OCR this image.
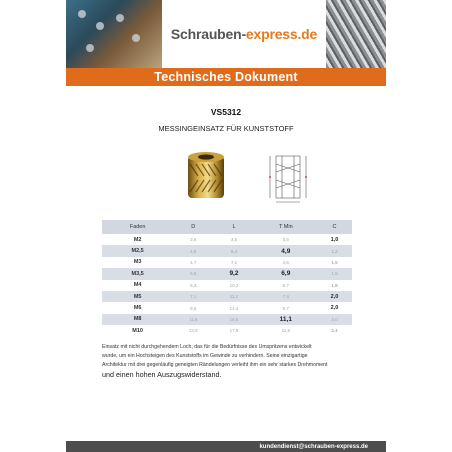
Schrauben-express.de
Technisches Dokument
VS5312
MESSINGEINSATZ FÜR KUNSTSTOFF
Faden	D	L	T Min	C
M2	3,6	3,5	3,5	1,0
M2,5	4,5	6,4	4,9	1,2
M3	4,7	7,1	4,6	1,5
M3,5	5,5	9,2	6,9	1,5
M4	6,3	10,2	6,7	1,8
M5	7,1	11,2	7,4	2,0
M6	8,6	14,4	9,7	2,0
M8	11,6	16,5	11,1	3,0
M10	13,6	17,9	11,9	3,4
Einsatz mit nicht durchgehendem Loch, das für die Bedürfnisse des Umspritzens entwickelt
wurde, um ein Hochsteigen des Kunststoffs im Gewinde zu verhindern. Seine einzigartige
Architektur mit drei gegenläufig geneigten Rändelungen verleiht ihm ein sehr starkes Drehmoment
und einen hohen Auszugswiderstand.
kundendienst@schrauben-express.de
